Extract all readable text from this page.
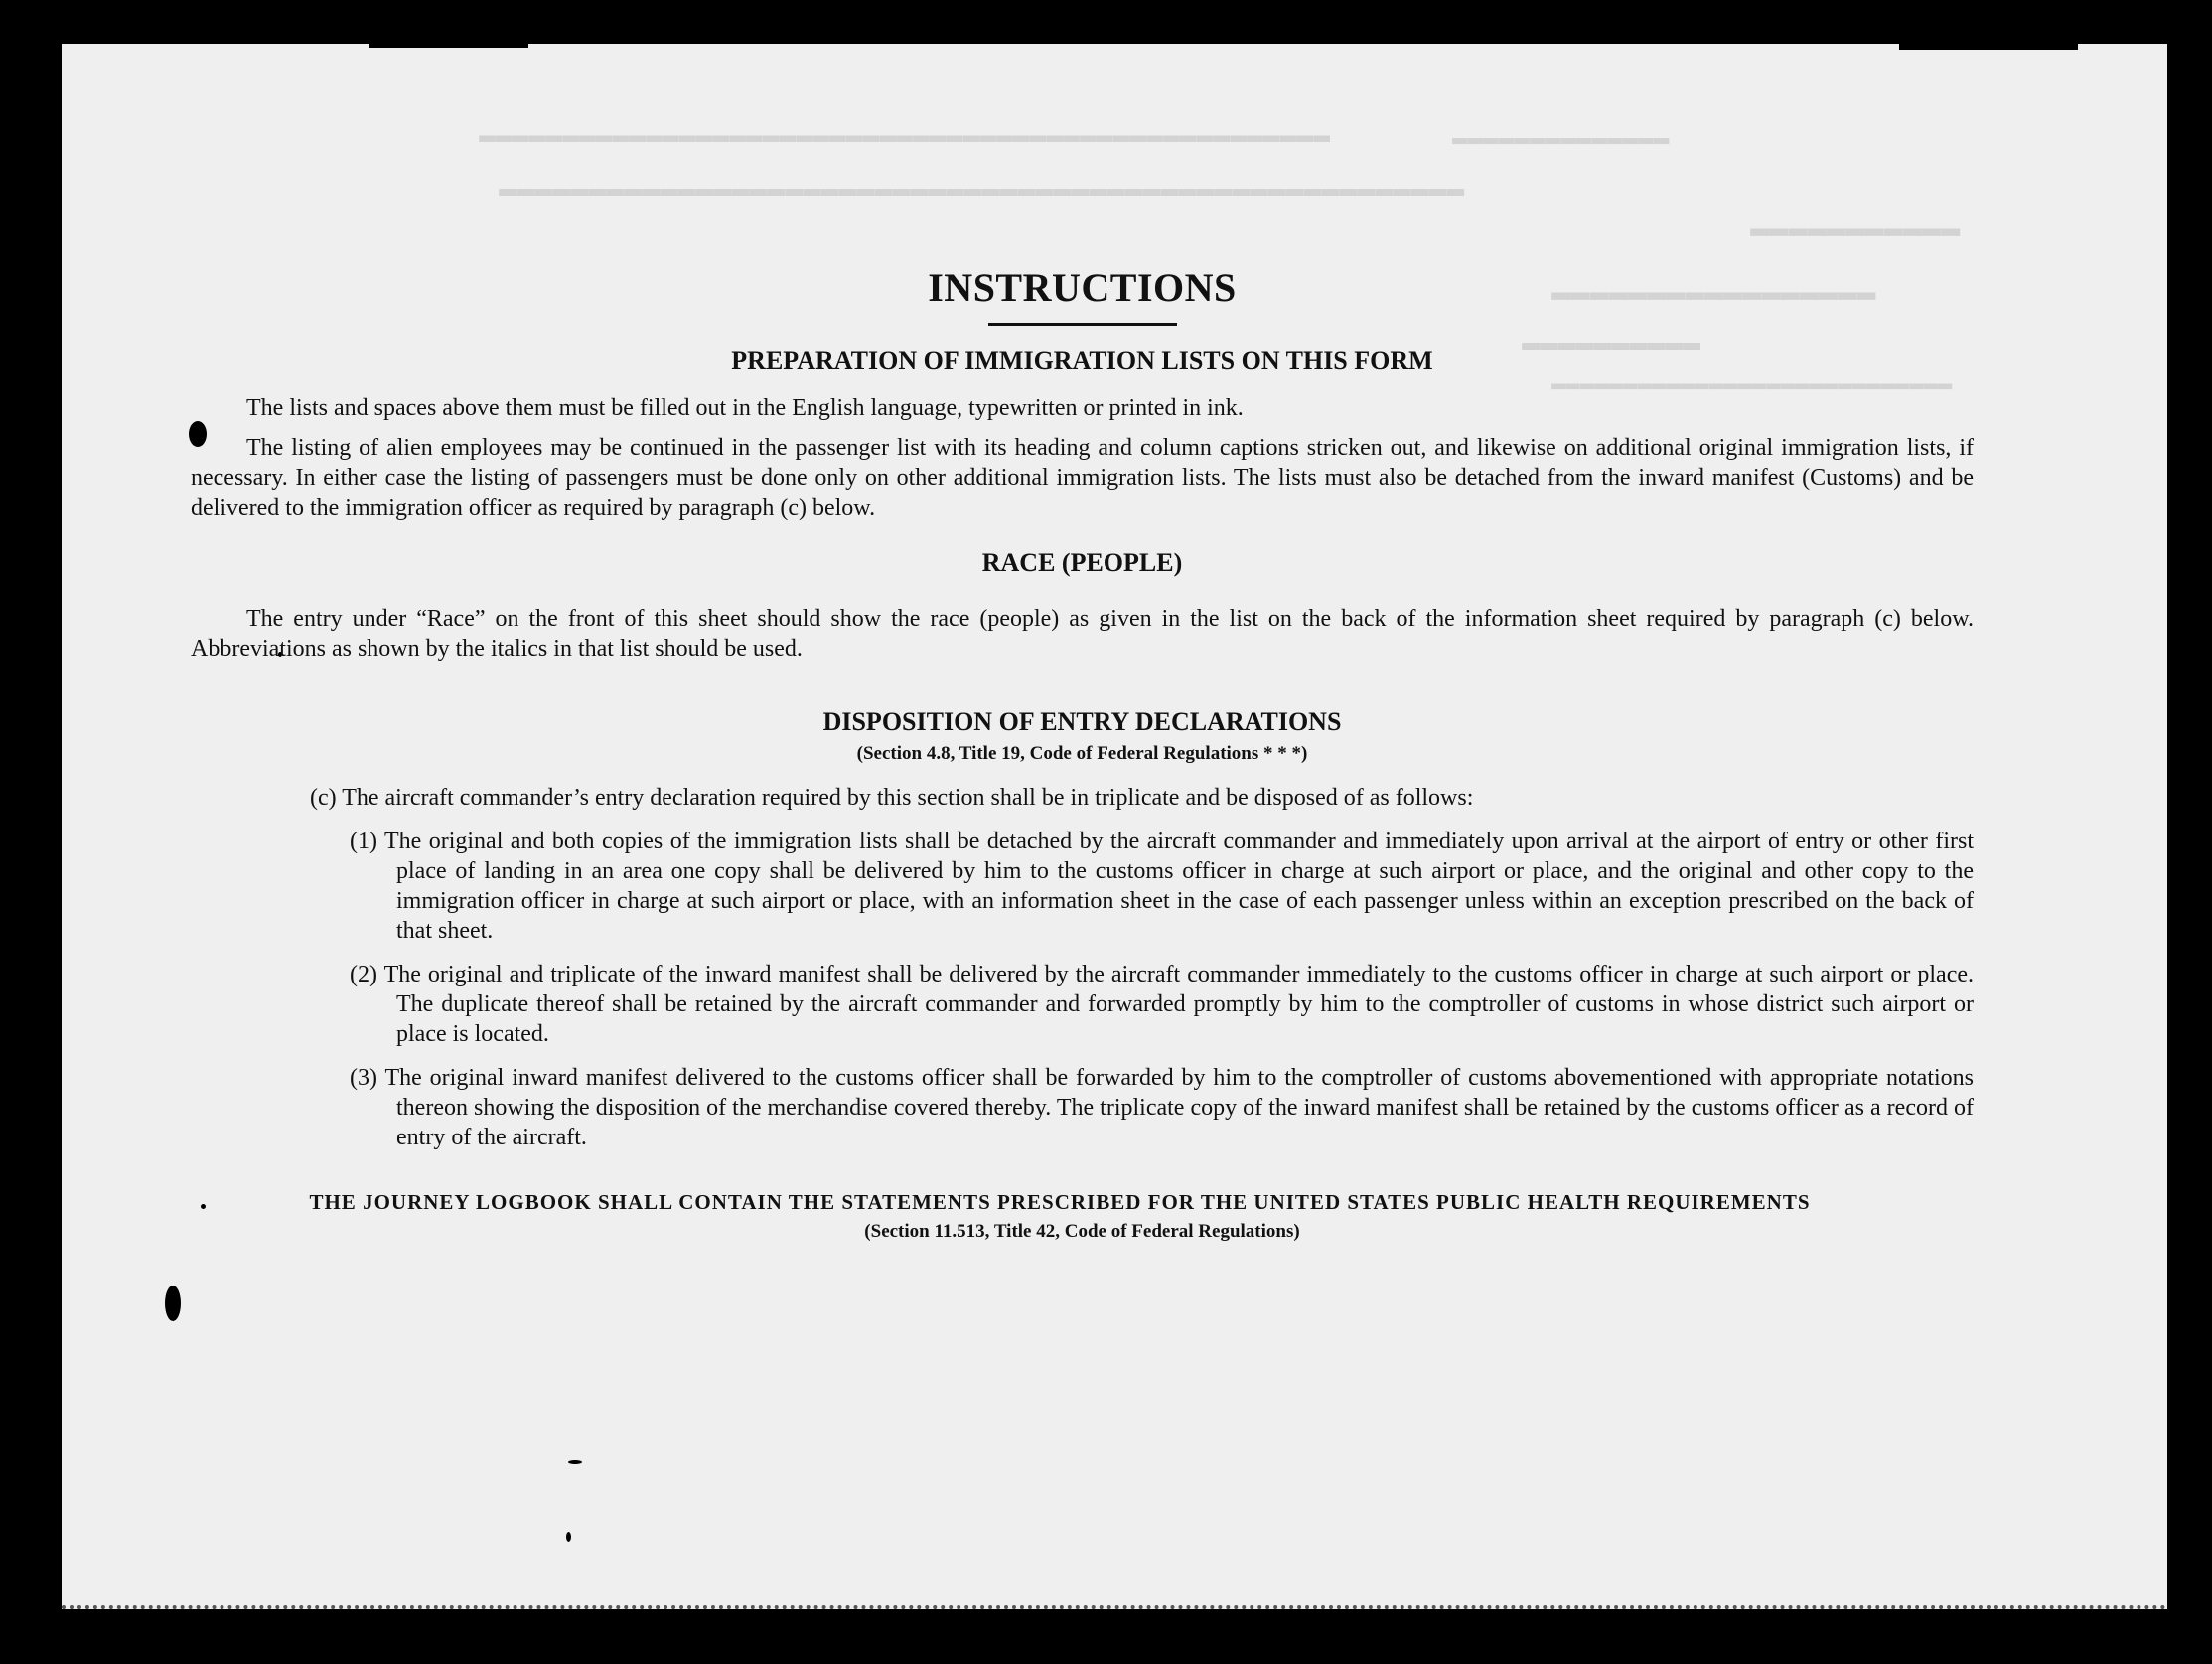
▬▬▬▬▬▬▬▬▬▬▬▬▬▬
▬▬▬▬▬▬▬▬▬▬▬▬▬▬▬▬▬▬▬▬▬▬▬▬▬▬▬▬▬▬▬▬▬▬▬▬▬▬▬▬▬▬▬▬▬▬▬▬▬▬▬
▬▬▬▬▬▬▬▬▬▬▬▬▬▬▬▬▬▬▬▬▬▬▬▬▬▬▬▬▬▬▬▬▬▬▬▬▬▬▬▬▬▬▬▬▬▬▬▬▬▬▬▬▬▬
▬▬▬▬▬▬▬▬▬▬▬
▬▬▬▬▬▬▬▬▬▬▬▬▬▬▬▬▬
▬▬▬▬▬▬▬▬▬▬
▬▬▬▬▬▬▬▬▬▬▬▬▬▬▬▬▬▬▬▬▬▬▬▬▬▬▬▬
INSTRUCTIONS
PREPARATION OF IMMIGRATION LISTS ON THIS FORM

The lists and spaces above them must be filled out in the English language, typewritten or printed in ink.

The listing of alien employees may be continued in the passenger list with its heading and column captions stricken out, and likewise on additional original immigration lists, if necessary. In either case the listing of passengers must be done only on other additional immigration lists. The lists must also be detached from the inward manifest (Customs) and be delivered to the immigration officer as required by paragraph (c) below.

RACE (PEOPLE)

The entry under “Race” on the front of this sheet should show the race (people) as given in the list on the back of the information sheet required by paragraph (c) below. Abbreviations as shown by the italics in that list should be used.

DISPOSITION OF ENTRY DECLARATIONS
(Section 4.8, Title 19, Code of Federal Regulations * * *)
(c) The aircraft commander’s entry declaration required by this section shall be in triplicate and be disposed of as follows:
(1) The original and both copies of the immigration lists shall be detached by the aircraft commander and immediately upon arrival at the airport of entry or other first place of landing in an area one copy shall be delivered by him to the customs officer in charge at such airport or place, and the original and other copy to the immigration officer in charge at such airport or place, with an information sheet in the case of each passenger unless within an exception prescribed on the back of that sheet.
(2) The original and triplicate of the inward manifest shall be delivered by the aircraft commander immediately to the customs officer in charge at such airport or place. The duplicate thereof shall be retained by the aircraft commander and forwarded promptly by him to the comptroller of customs in whose district such airport or place is located.
(3) The original inward manifest delivered to the customs officer shall be forwarded by him to the comptroller of customs abovementioned with appropriate notations thereon showing the disposition of the merchandise covered thereby. The triplicate copy of the inward manifest shall be retained by the customs officer as a record of entry of the aircraft.
THE JOURNEY LOGBOOK SHALL CONTAIN THE STATEMENTS PRESCRIBED FOR THE UNITED STATES PUBLIC HEALTH REQUIREMENTS
(Section 11.513, Title 42, Code of Federal Regulations)
